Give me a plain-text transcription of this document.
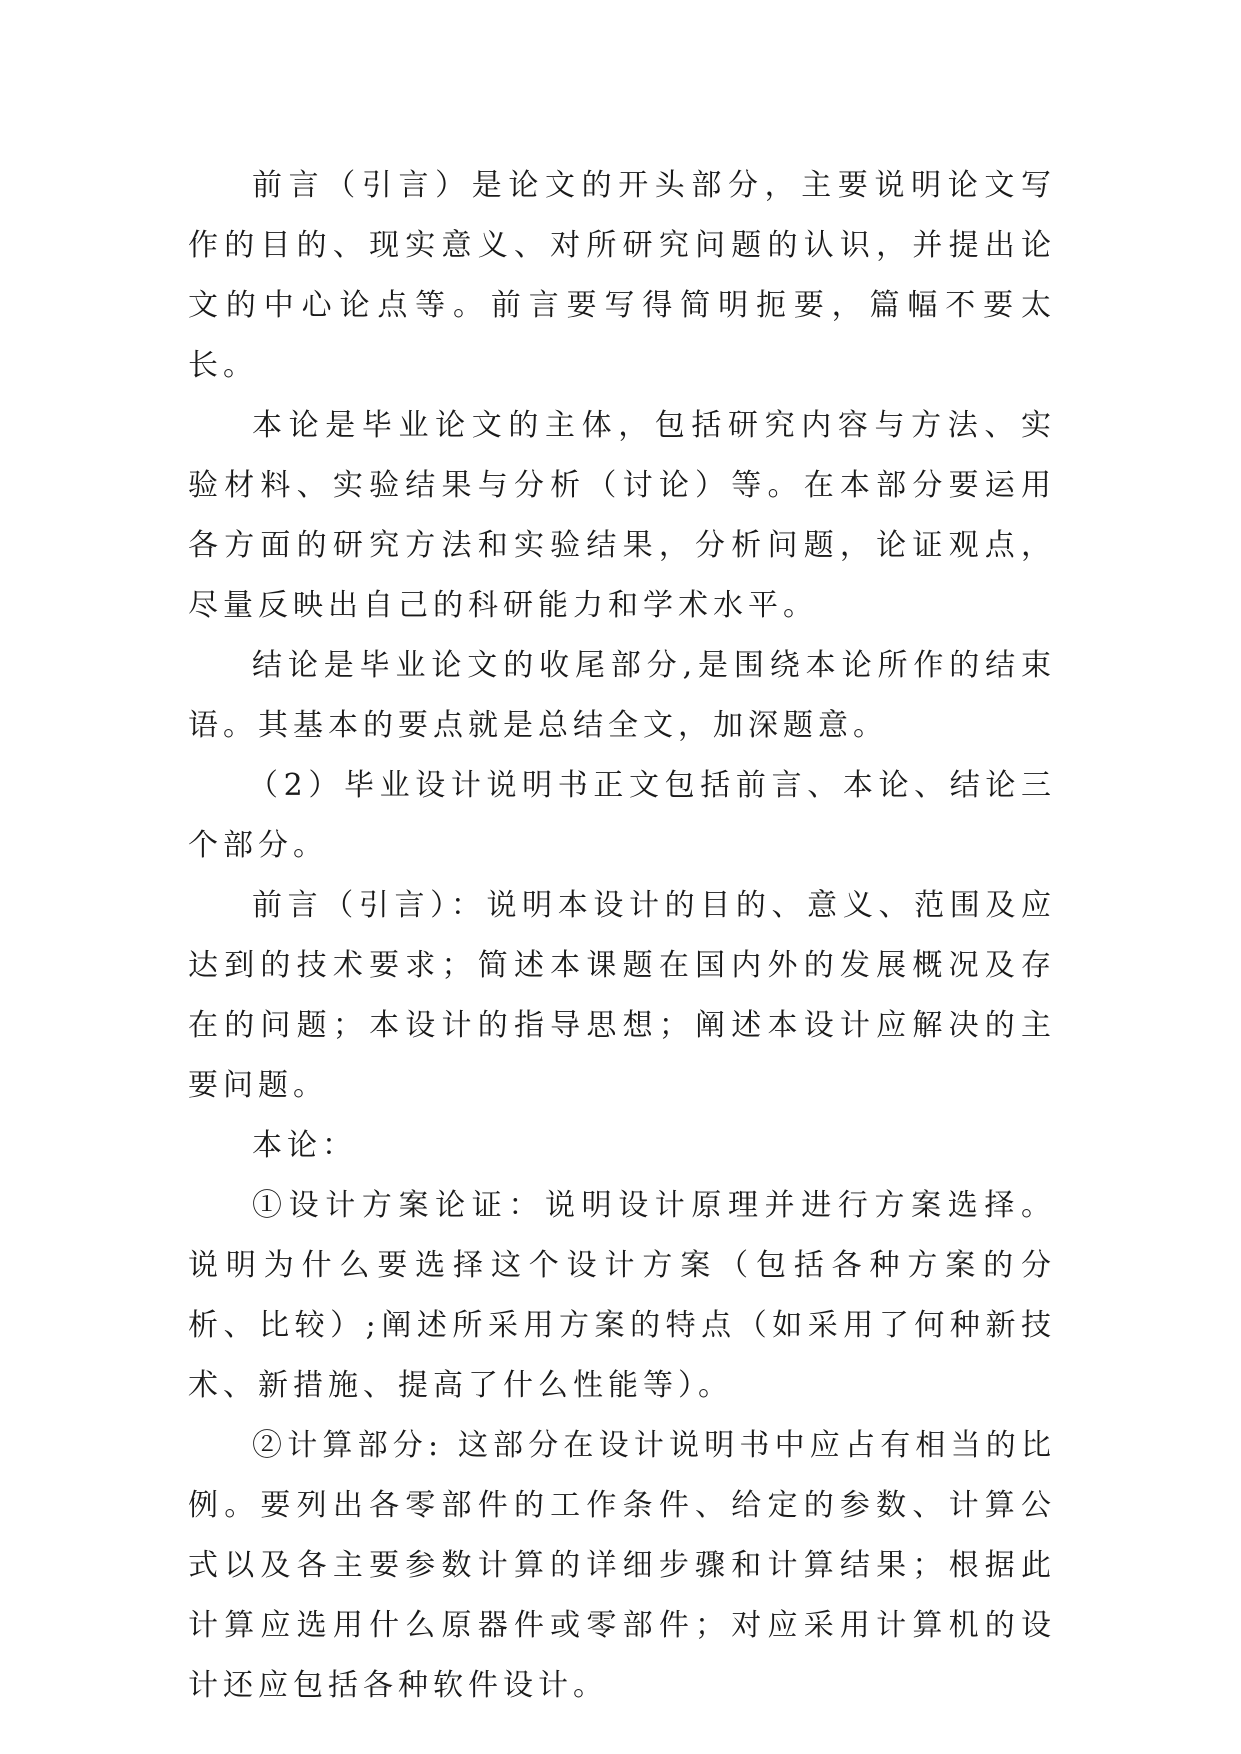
前言（引言）是论文的开头部分，主要说明论文写作的目的、现实意义、对所研究问题的认识，并提出论文的中心论点等。前言要写得简明扼要，篇幅不要太长。

本论是毕业论文的主体，包括研究内容与方法、实验材料、实验结果与分析（讨论）等。在本部分要运用各方面的研究方法和实验结果，分析问题，论证观点，尽量反映出自己的科研能力和学术水平。

结论是毕业论文的收尾部分,是围绕本论所作的结束语。其基本的要点就是总结全文，加深题意。

（2）毕业设计说明书正文包括前言、本论、结论三个部分。

前言（引言）：说明本设计的目的、意义、范围及应达到的技术要求；简述本课题在国内外的发展概况及存在的问题；本设计的指导思想；阐述本设计应解决的主要问题。

本论：

①设计方案论证：说明设计原理并进行方案选择。说明为什么要选择这个设计方案（包括各种方案的分析、比较）;阐述所采用方案的特点（如采用了何种新技术、新措施、提高了什么性能等）。

②计算部分: 这部分在设计说明书中应占有相当的比例。要列出各零部件的工作条件、给定的参数、计算公式以及各主要参数计算的详细步骤和计算结果；根据此计算应选用什么原器件或零部件；对应采用计算机的设计还应包括各种软件设计。
